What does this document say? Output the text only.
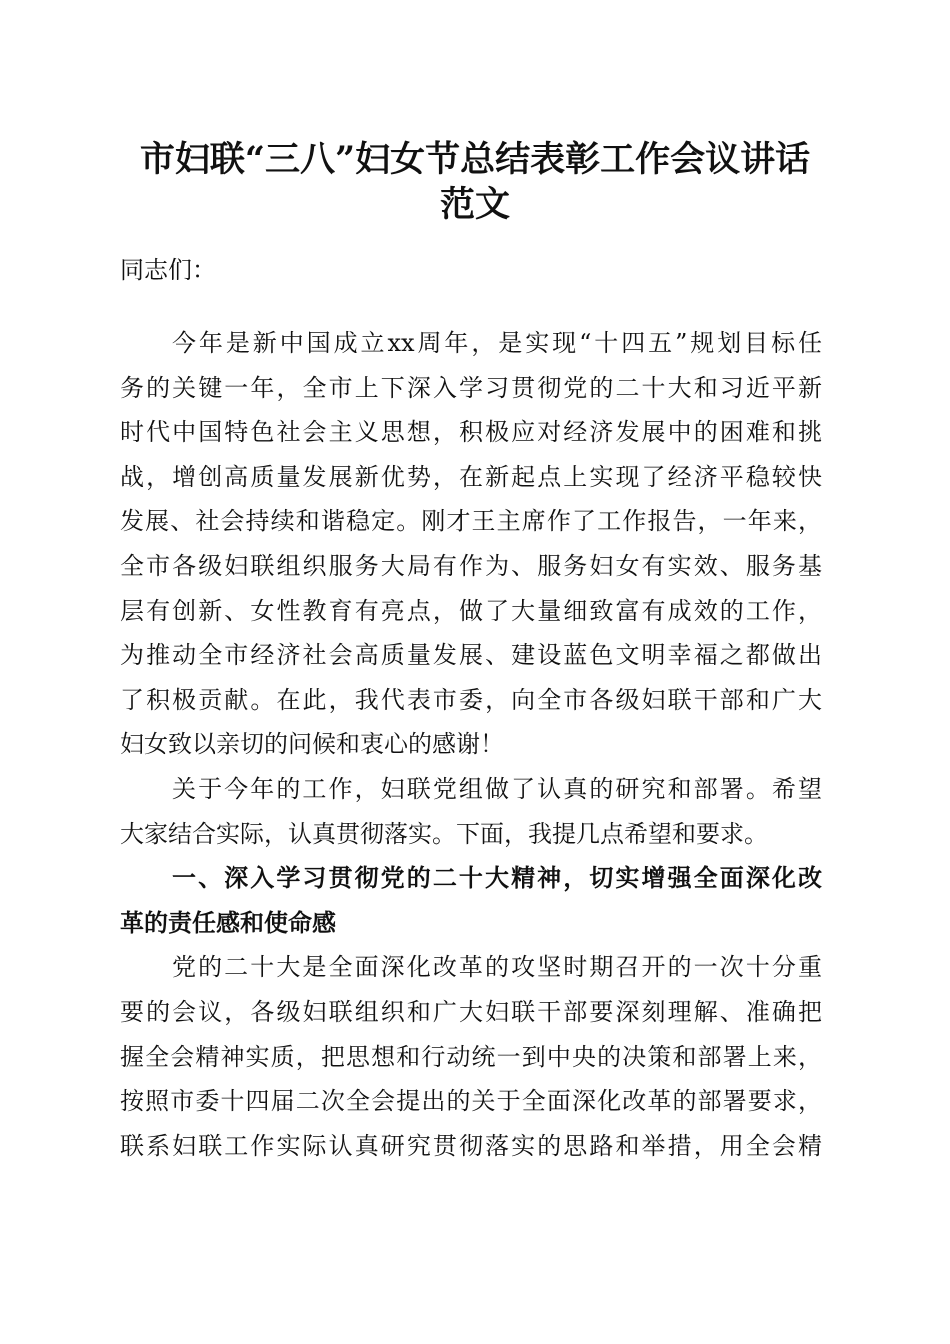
市妇联“三八”妇女节总结表彰工作会议讲话
范文
同志们：
今年是新中国成立xx周年，是实现“十四五”规划目标任
务的关键一年，全市上下深入学习贯彻党的二十大和习近平新
时代中国特色社会主义思想，积极应对经济发展中的困难和挑
战，增创高质量发展新优势，在新起点上实现了经济平稳较快
发展、社会持续和谐稳定。刚才王主席作了工作报告，一年来，
全市各级妇联组织服务大局有作为、服务妇女有实效、服务基
层有创新、女性教育有亮点，做了大量细致富有成效的工作，
为推动全市经济社会高质量发展、建设蓝色文明幸福之都做出
了积极贡献。在此，我代表市委，向全市各级妇联干部和广大
妇女致以亲切的问候和衷心的感谢！
关于今年的工作，妇联党组做了认真的研究和部署。希望
大家结合实际，认真贯彻落实。下面，我提几点希望和要求。
一、深入学习贯彻党的二十大精神，切实增强全面深化改
革的责任感和使命感
党的二十大是全面深化改革的攻坚时期召开的一次十分重
要的会议，各级妇联组织和广大妇联干部要深刻理解、准确把
握全会精神实质，把思想和行动统一到中央的决策和部署上来，
按照市委十四届二次全会提出的关于全面深化改革的部署要求，
联系妇联工作实际认真研究贯彻落实的思路和举措，用全会精
